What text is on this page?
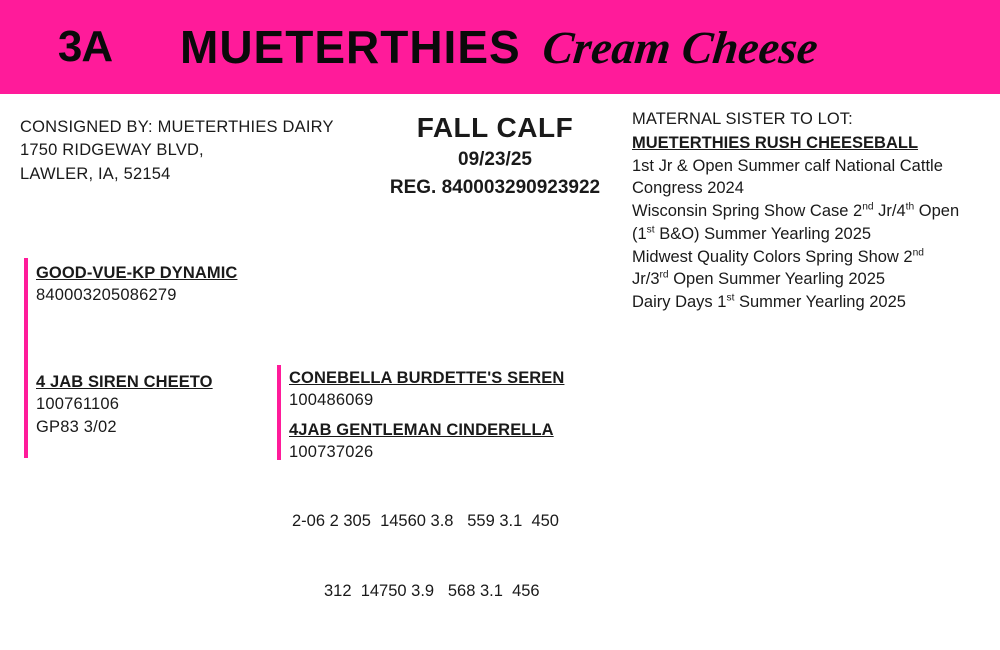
3A	MUETERTHIES Cream Cheese
CONSIGNED BY: MUETERTHIES DAIRY
1750 RIDGEWAY BLVD,
LAWLER, IA, 52154
FALL CALF
09/23/25
REG. 840003290923922

MATERNAL SISTER TO LOT:

MUETERTHIES RUSH CHEESEBALL

1st Jr & Open Summer calf National Cattle

Congress 2024

Wisconsin Spring Show Case 2nd Jr/4th Open

(1st B&O) Summer Yearling 2025

Midwest Quality Colors Spring Show 2nd

Jr/3rd Open Summer Yearling 2025

Dairy Days 1st Summer Yearling 2025

GOOD-VUE-KP DYNAMIC
840003205086279
4 JAB SIREN CHEETO
100761106
GP83 3/02
CONEBELLA BURDETTE'S SEREN
100486069
4JAB GENTLEMAN CINDERELLA
100737026

2-06 2 305  14560 3.8   559 3.1  450

312  14750 3.9   568 3.1  456
